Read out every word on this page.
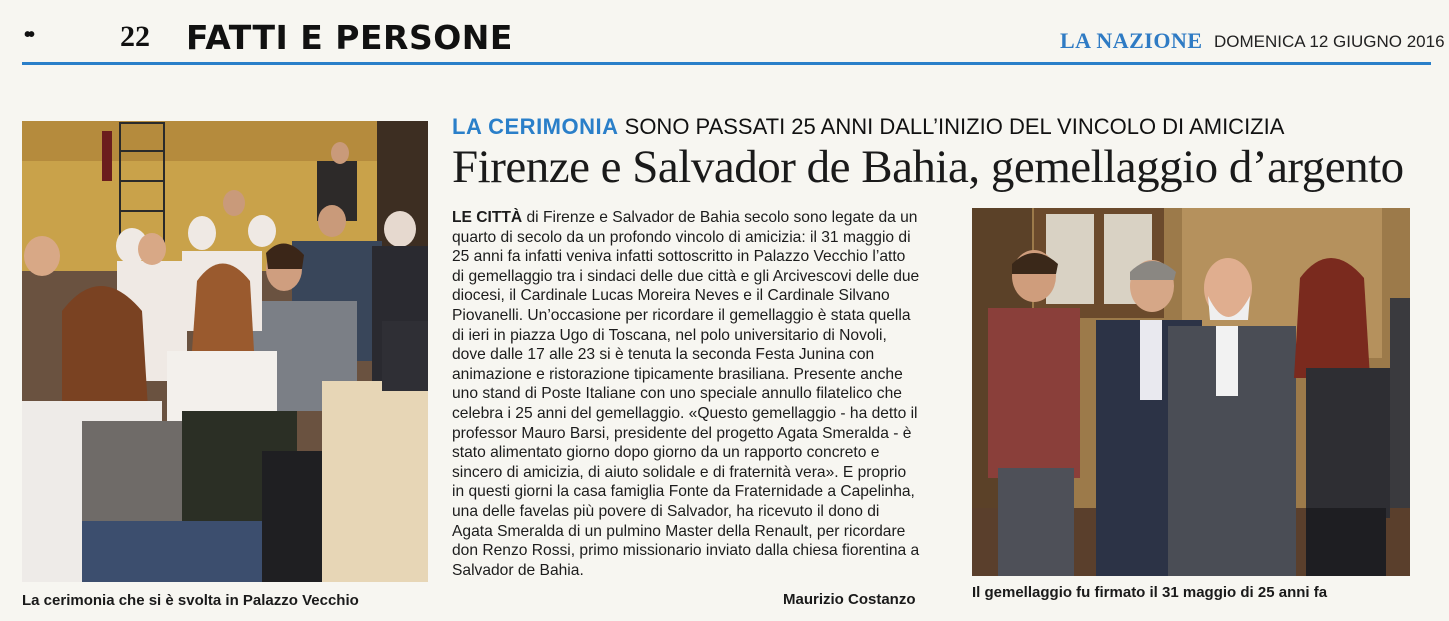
••	22 FATTI E PERSONE	LA NAZIONE DOMENICA 12 GIUGNO 2016
LA CERIMONIA SONO PASSATI 25 ANNI DALL’INIZIO DEL VINCOLO DI AMICIZIA
Firenze e Salvador de Bahia, gemellaggio d’argento
LE CITTÀ di Firenze e Salvador de Bahia secolo sono legate da un
quarto di secolo da un profondo vincolo di amicizia: il 31 maggio di
25 anni fa infatti veniva infatti sottoscritto in Palazzo Vecchio l’atto
di gemellaggio tra i sindaci delle due città e gli Arcivescovi delle due
diocesi, il Cardinale Lucas Moreira Neves e il Cardinale Silvano
Piovanelli. Un’occasione per ricordare il gemellaggio è stata quella
di ieri in piazza Ugo di Toscana, nel polo universitario di Novoli,
dove dalle 17 alle 23 si è tenuta la seconda Festa Junina con
animazione e ristorazione tipicamente brasiliana. Presente anche
uno stand di Poste Italiane con uno speciale annullo filatelico che
celebra i 25 anni del gemellaggio. «Questo gemellaggio - ha detto il
professor Mauro Barsi, presidente del progetto Agata Smeralda - è
stato alimentato giorno dopo giorno da un rapporto concreto e
sincero di amicizia, di aiuto solidale e di fraternità vera». E proprio
in questi giorni la casa famiglia Fonte da Fraternidade a Capelinha,
una delle favelas più povere di Salvador, ha ricevuto il dono di
Agata Smeralda di un pulmino Master della Renault, per ricordare
don Renzo Rossi, primo missionario inviato dalla chiesa fiorentina a
Salvador de Bahia.
La cerimonia che si è svolta in Palazzo Vecchio	Maurizio Costanzo	Il gemellaggio fu firmato il 31 maggio di 25 anni fa
